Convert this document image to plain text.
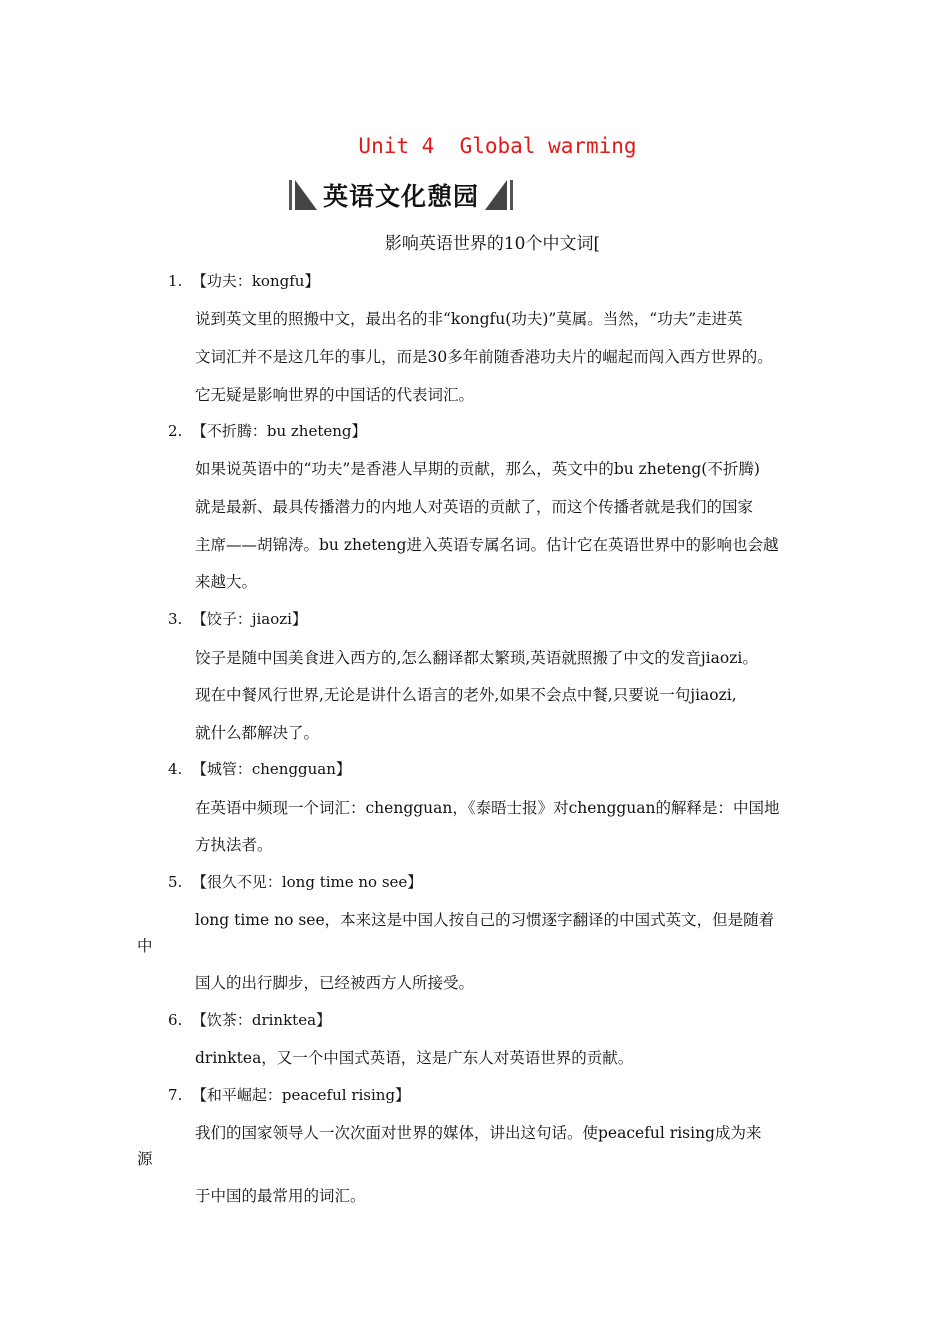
Unit 4  Global warming
英语文化憩园
影响英语世界的10个中文词[
1.  【功夫：kongfu】
说到英文里的照搬中文，最出名的非“kongfu(功夫)”莫属。当然，“功夫”走进英
文词汇并不是这几年的事儿，而是30多年前随香港功夫片的崛起而闯入西方世界的。
它无疑是影响世界的中国话的代表词汇。
2.  【不折腾：bu zheteng】
如果说英语中的“功夫”是香港人早期的贡献，那么，英文中的bu zheteng(不折腾)
就是最新、最具传播潜力的内地人对英语的贡献了，而这个传播者就是我们的国家
主席——胡锦涛。bu zheteng进入英语专属名词。估计它在英语世界中的影响也会越
来越大。
3.  【饺子：jiaozi】
饺子是随中国美食进入西方的,怎么翻译都太繁琐,英语就照搬了中文的发音jiaozi。
现在中餐风行世界,无论是讲什么语言的老外,如果不会点中餐,只要说一句jiaozi,
就什么都解决了。
4.  【城管：chengguan】
在英语中频现一个词汇：chengguan，《泰晤士报》对chengguan的解释是：中国地
方执法者。
5.  【很久不见：long time no see】
long time no see，本来这是中国人按自己的习惯逐字翻译的中国式英文，但是随着
中
国人的出行脚步，已经被西方人所接受。
6.  【饮茶：drinktea】
drinktea，又一个中国式英语，这是广东人对英语世界的贡献。
7.  【和平崛起：peaceful rising】
我们的国家领导人一次次面对世界的媒体，讲出这句话。使peaceful rising成为来
源
于中国的最常用的词汇。
